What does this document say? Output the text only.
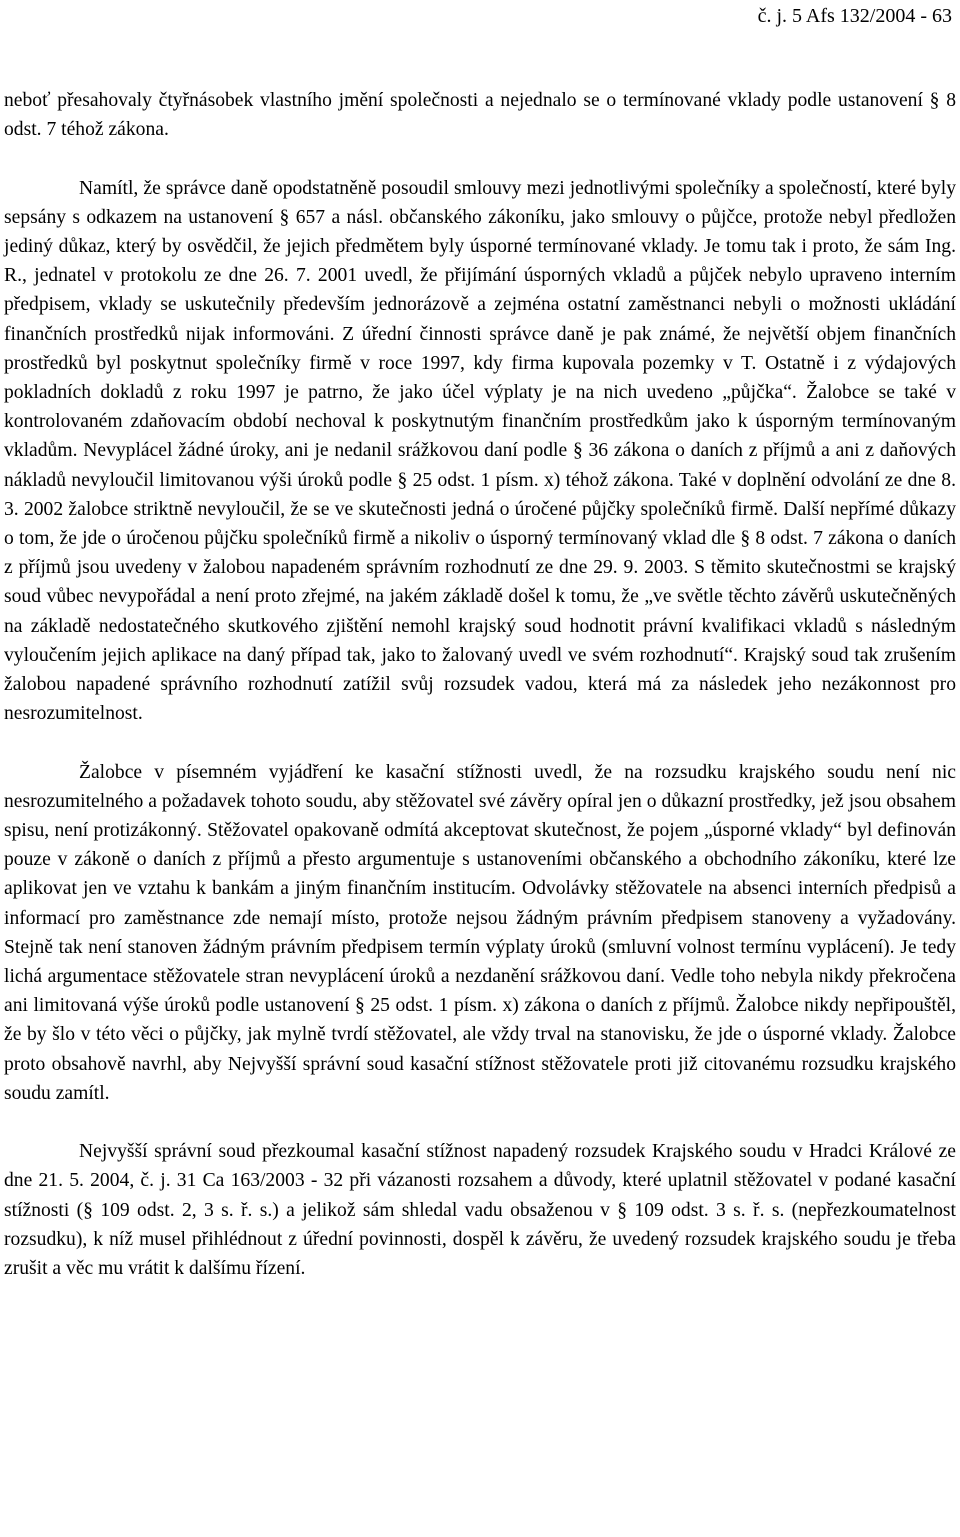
č. j. 5 Afs 132/2004 - 63

neboť přesahovaly čtyřnásobek vlastního jmění společnosti a nejednalo se o termínované vklady podle ustanovení § 8 odst. 7 téhož zákona.

Namítl, že správce daně opodstatněně posoudil smlouvy mezi jednotlivými společníky a společností, které byly sepsány s odkazem na ustanovení § 657 a násl. občanského zákoníku, jako smlouvy o půjčce, protože nebyl předložen jediný důkaz, který by osvědčil, že jejich předmětem byly úsporné termínované vklady. Je tomu tak i proto, že sám Ing. R., jednatel v protokolu ze dne 26. 7. 2001 uvedl, že přijímání úsporných vkladů a půjček nebylo upraveno interním předpisem, vklady se uskutečnily především jednorázově a zejména ostatní zaměstnanci nebyli o možnosti ukládání finančních prostředků nijak informováni. Z úřední činnosti správce daně je pak známé, že největší objem finančních prostředků byl poskytnut společníky firmě v roce 1997, kdy firma kupovala pozemky v T. Ostatně i z výdajových pokladních dokladů z roku 1997 je patrno, že jako účel výplaty je na nich uvedeno „půjčka“. Žalobce se také v kontrolovaném zdaňovacím období nechoval k poskytnutým finančním prostředkům jako k úsporným termínovaným vkladům. Nevyplácel žádné úroky, ani je nedanil srážkovou daní podle § 36 zákona o daních z příjmů a ani z daňových nákladů nevyloučil limitovanou výši úroků podle § 25 odst. 1 písm. x) téhož zákona. Také v doplnění odvolání ze dne 8. 3. 2002 žalobce striktně nevyloučil, že se ve skutečnosti jedná o úročené půjčky společníků firmě. Další nepřímé důkazy o tom, že jde o úročenou půjčku společníků firmě a nikoliv o úsporný termínovaný vklad dle § 8 odst. 7 zákona o daních z příjmů jsou uvedeny v žalobou napadeném správním rozhodnutí ze dne 29. 9. 2003. S těmito skutečnostmi se krajský soud vůbec nevypořádal a není proto zřejmé, na jakém základě došel k tomu, že „ve světle těchto závěrů uskutečněných na základě nedostatečného skutkového zjištění nemohl krajský soud hodnotit právní kvalifikaci vkladů s následným vyloučením jejich aplikace na daný případ tak, jako to žalovaný uvedl ve svém rozhodnutí“. Krajský soud tak zrušením žalobou napadené správního rozhodnutí zatížil svůj rozsudek vadou, která má za následek jeho nezákonnost pro nesrozumitelnost.

Žalobce v písemném vyjádření ke kasační stížnosti uvedl, že na rozsudku krajského soudu není nic nesrozumitelného a požadavek tohoto soudu, aby stěžovatel své závěry opíral jen o důkazní prostředky, jež jsou obsahem spisu, není protizákonný. Stěžovatel opakovaně odmítá akceptovat skutečnost, že pojem „úsporné vklady“ byl definován pouze v zákoně o daních z příjmů a přesto argumentuje s ustanoveními občanského a obchodního zákoníku, které lze aplikovat jen ve vztahu k bankám a jiným finančním institucím. Odvolávky stěžovatele na absenci interních předpisů a informací pro zaměstnance zde nemají místo, protože nejsou žádným právním předpisem stanoveny a vyžadovány. Stejně tak není stanoven žádným právním předpisem termín výplaty úroků (smluvní volnost termínu vyplácení). Je tedy lichá argumentace stěžovatele stran nevyplácení úroků a nezdanění srážkovou daní. Vedle toho nebyla nikdy překročena ani limitovaná výše úroků podle ustanovení § 25 odst. 1 písm. x) zákona o daních z příjmů. Žalobce nikdy nepřipouštěl, že by šlo v této věci o půjčky, jak mylně tvrdí stěžovatel, ale vždy trval na stanovisku, že jde o úsporné vklady. Žalobce proto obsahově navrhl, aby Nejvyšší správní soud kasační stížnost stěžovatele proti již citovanému rozsudku krajského soudu zamítl.

Nejvyšší správní soud přezkoumal kasační stížnost napadený rozsudek Krajského soudu v Hradci Králové ze dne 21. 5. 2004, č. j. 31 Ca 163/2003 - 32 při vázanosti rozsahem a důvody, které uplatnil stěžovatel v podané kasační stížnosti (§ 109 odst. 2, 3 s. ř. s.) a jelikož sám shledal vadu obsaženou v § 109 odst. 3 s. ř. s. (nepřezkoumatelnost rozsudku), k níž musel přihlédnout z úřední povinnosti, dospěl k závěru, že uvedený rozsudek krajského soudu je třeba zrušit a věc mu vrátit k dalšímu řízení.
